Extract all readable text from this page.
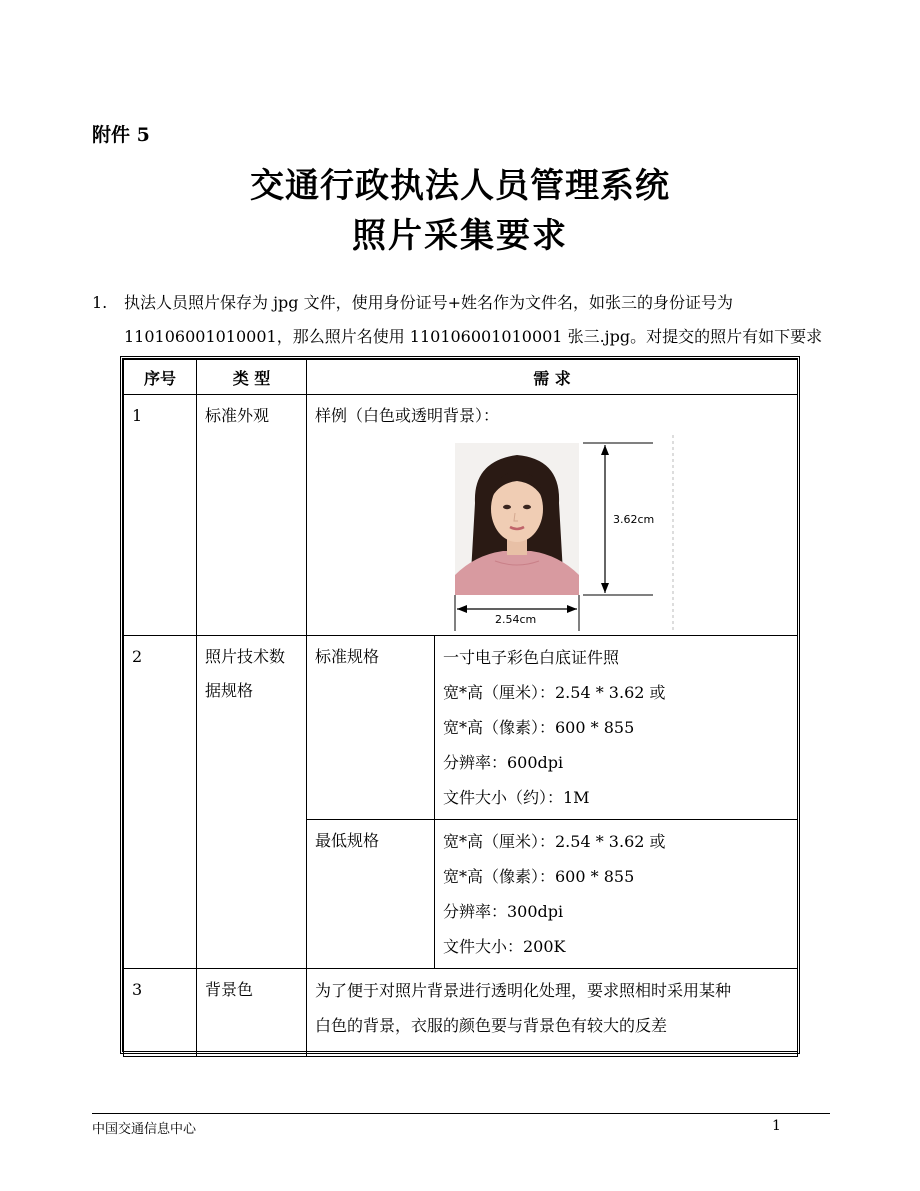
附件 5
交通行政执法人员管理系统
照片采集要求
1. 执法人员照片保存为 jpg 文件，使用身份证号+姓名作为文件名，如张三的身份证号为
110106001010001，那么照片名使用 110106001010001 张三.jpg。对提交的照片有如下要求
序号	类 型	需 求	
1	标准外观	样例（白色或透明背景）：
3.62cm
2.54cm	

2	照片技术数据规格	标准规格	一寸电子彩色白底证件照
宽*高（厘米）：2.54 * 3.62 或
宽*高（像素）：600 * 855
分辨率：600dpi
文件大小（约）：1M

		最低规格	宽*高（厘米）：2.54 * 3.62 或
宽*高（像素）：600 * 855
分辨率：300dpi
文件大小：200K

3	背景色	为了便于对照片背景进行透明化处理，要求照相时采用某种
白色的背景，衣服的颜色要与背景色有较大的反差	
中国交通信息中心	1
